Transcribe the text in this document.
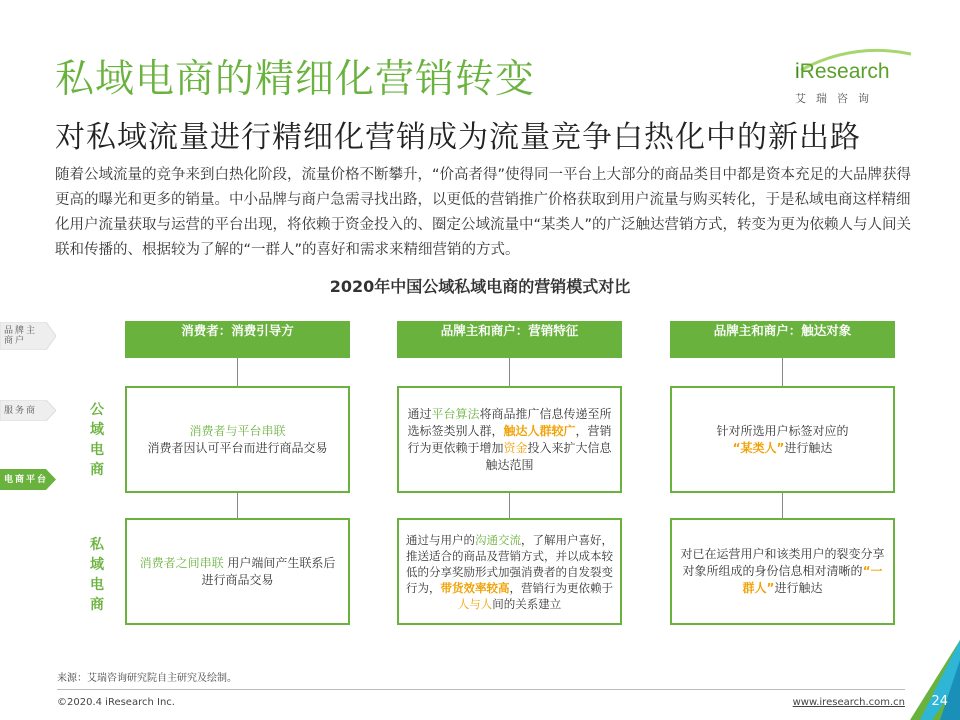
私域电商的精细化营销转变
对私域流量进行精细化营销成为流量竞争白热化中的新出路
iResearch
艾瑞咨询
随着公域流量的竞争来到白热化阶段，流量价格不断攀升，“价高者得”使得同一平台上大部分的商品类目中都是资本充足的大品牌获得更高的曝光和更多的销量。中小品牌与商户急需寻找出路，以更低的营销推广价格获取到用户流量与购买转化，于是私域电商这样精细化用户流量获取与运营的平台出现，将依赖于资金投入的、圈定公域流量中“某类人”的广泛触达营销方式，转变为更为依赖人与人间关联和传播的、根据较为了解的“一群人”的喜好和需求来精细营销的方式。
2020年中国公域私域电商的营销模式对比
品牌主商户
服务商
电商平台
公域电商
私域电商
消费者：消费引导方	品牌主和商户：营销特征	品牌主和商户：触达对象
消费者与平台串联
消费者因认可平台而进行商品交易
通过平台算法将商品推广信息传递至所选标签类别人群，触达人群较广，营销行为更依赖于增加资金投入来扩大信息触达范围
针对所选用户标签对应的
“某类人”进行触达
消费者之间串联 用户端间产生联系后进行商品交易
通过与用户的沟通交流，了解用户喜好，推送适合的商品及营销方式，并以成本较低的分享奖励形式加强消费者的自发裂变行为，带货效率较高，营销行为更依赖于人与人间的关系建立
对已在运营用户和该类用户的裂变分享对象所组成的身份信息相对清晰的“一群人”进行触达
来源：艾瑞咨询研究院自主研究及绘制。
©2020.4 iResearch Inc.	www.iresearch.com.cn 24
